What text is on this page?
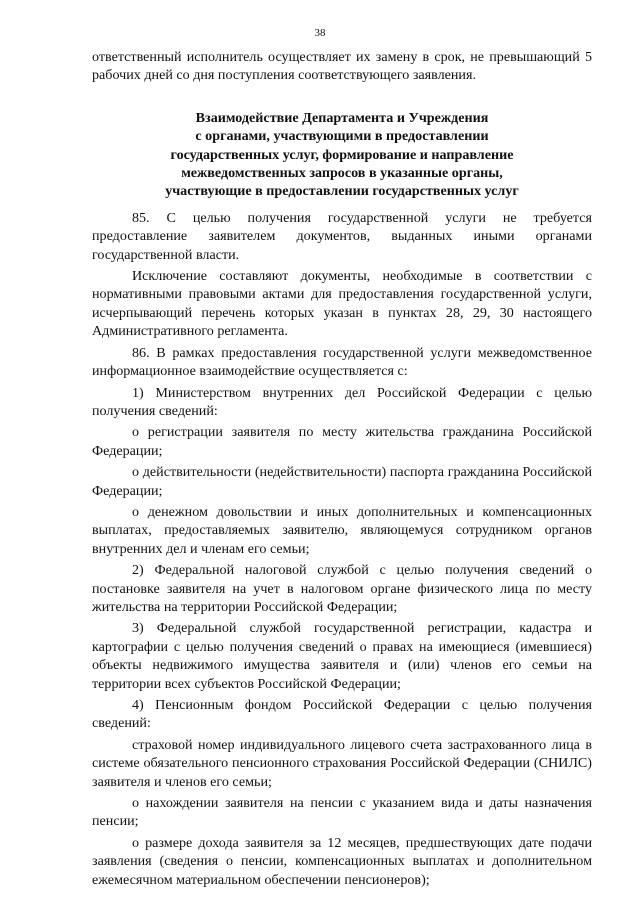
38

ответственный исполнитель осуществляет их замену в срок, не превышающий 5 рабочих дней со дня поступления соответствующего заявления.

Взаимодействие Департамента и Учреждения
с органами, участвующими в предоставлении
государственных услуг, формирование и направление
межведомственных запросов в указанные органы,
участвующие в предоставлении государственных услуг

85. С целью получения государственной услуги не требуется предоставление заявителем документов, выданных иными органами государственной власти.

Исключение составляют документы, необходимые в соответствии с нормативными правовыми актами для предоставления государственной услуги, исчерпывающий перечень которых указан в пунктах 28, 29, 30 настоящего Административного регламента.

86. В рамках предоставления государственной услуги межведомственное информационное взаимодействие осуществляется с:

1) Министерством внутренних дел Российской Федерации с целью получения сведений:

о регистрации заявителя по месту жительства гражданина Российской Федерации;

о действительности (недействительности) паспорта гражданина Российской Федерации;

о денежном довольствии и иных дополнительных и компенсационных выплатах, предоставляемых заявителю, являющемуся сотрудником органов внутренних дел и членам его семьи;

2) Федеральной налоговой службой с целью получения сведений о постановке заявителя на учет в налоговом органе физического лица по месту жительства на территории Российской Федерации;

3) Федеральной службой государственной регистрации, кадастра и картографии с целью получения сведений о правах на имеющиеся (имевшиеся) объекты недвижимого имущества заявителя и (или) членов его семьи на территории всех субъектов Российской Федерации;

4) Пенсионным фондом Российской Федерации с целью получения сведений:

страховой номер индивидуального лицевого счета застрахованного лица в системе обязательного пенсионного страхования Российской Федерации (СНИЛС) заявителя и членов его семьи;

о нахождении заявителя на пенсии с указанием вида и даты назначения пенсии;

о размере дохода заявителя за 12 месяцев, предшествующих дате подачи заявления (сведения о пенсии, компенсационных выплатах и дополнительном ежемесячном материальном обеспечении пенсионеров);
